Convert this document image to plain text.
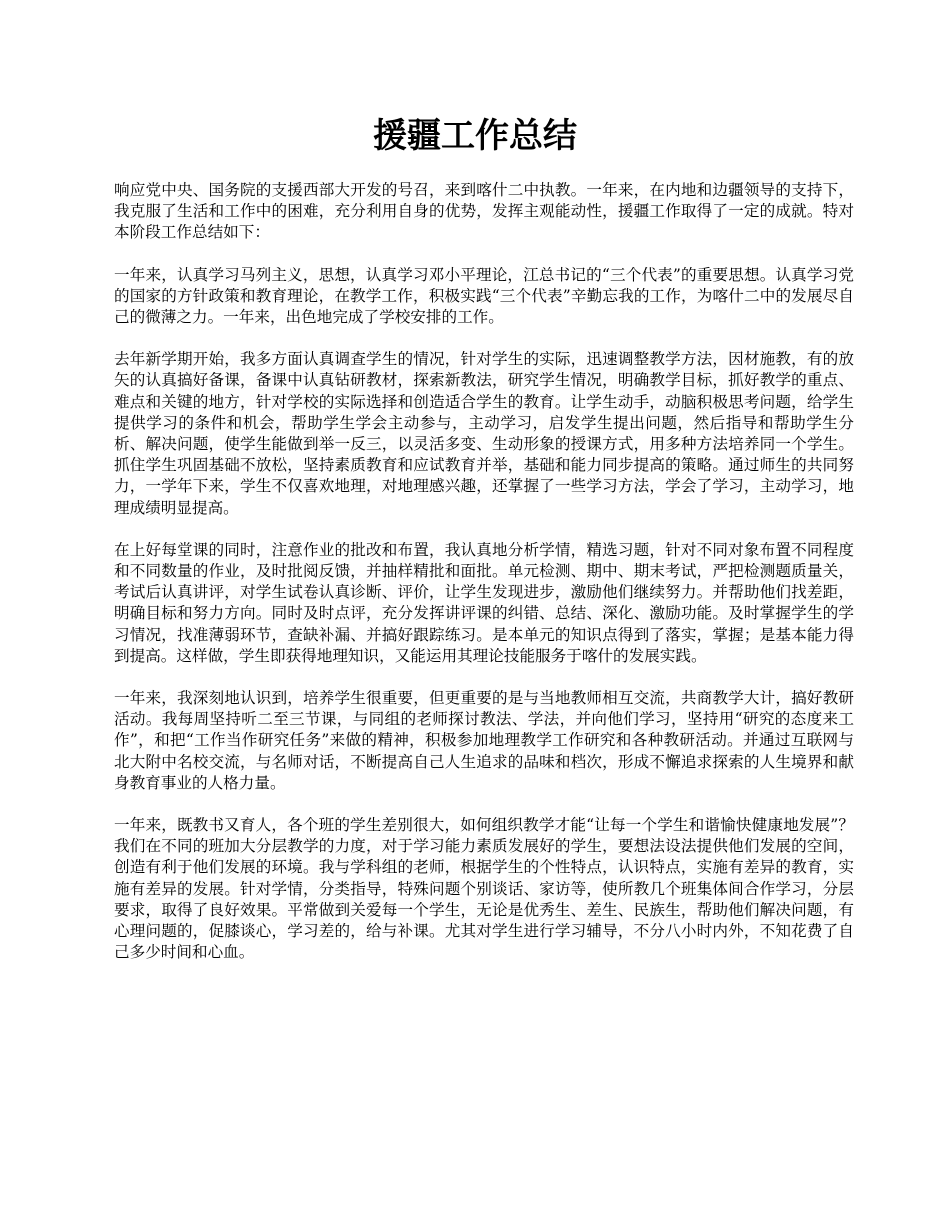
援疆工作总结

响应党中央、国务院的支援西部大开发的号召，来到喀什二中执教。一年来，在内地和边疆领导的支持下，我克服了生活和工作中的困难，充分利用自身的优势，发挥主观能动性，援疆工作取得了一定的成就。特对本阶段工作总结如下：

一年来，认真学习马列主义，思想，认真学习邓小平理论，江总书记的“三个代表”的重要思想。认真学习党的国家的方针政策和教育理论，在教学工作，积极实践“三个代表”辛勤忘我的工作，为喀什二中的发展尽自己的微薄之力。一年来，出色地完成了学校安排的工作。

去年新学期开始，我多方面认真调查学生的情况，针对学生的实际，迅速调整教学方法，因材施教，有的放矢的认真搞好备课，备课中认真钻研教材，探索新教法，研究学生情况，明确教学目标，抓好教学的重点、难点和关键的地方，针对学校的实际选择和创造适合学生的教育。让学生动手，动脑积极思考问题，给学生提供学习的条件和机会，帮助学生学会主动参与，主动学习，启发学生提出问题，然后指导和帮助学生分析、解决问题，使学生能做到举一反三，以灵活多变、生动形象的授课方式，用多种方法培养同一个学生。抓住学生巩固基础不放松，坚持素质教育和应试教育并举，基础和能力同步提高的策略。通过师生的共同努力，一学年下来，学生不仅喜欢地理，对地理感兴趣，还掌握了一些学习方法，学会了学习，主动学习，地理成绩明显提高。

在上好每堂课的同时，注意作业的批改和布置，我认真地分析学情，精选习题，针对不同对象布置不同程度和不同数量的作业，及时批阅反馈，并抽样精批和面批。单元检测、期中、期末考试，严把检测题质量关，考试后认真讲评，对学生试卷认真诊断、评价，让学生发现进步，激励他们继续努力。并帮助他们找差距，明确目标和努力方向。同时及时点评，充分发挥讲评课的纠错、总结、深化、激励功能。及时掌握学生的学习情况，找准薄弱环节，查缺补漏、并搞好跟踪练习。是本单元的知识点得到了落实，掌握；是基本能力得到提高。这样做，学生即获得地理知识，又能运用其理论技能服务于喀什的发展实践。

一年来，我深刻地认识到，培养学生很重要，但更重要的是与当地教师相互交流，共商教学大计，搞好教研活动。我每周坚持听二至三节课，与同组的老师探讨教法、学法，并向他们学习，坚持用“研究的态度来工作”，和把“工作当作研究任务”来做的精神，积极参加地理教学工作研究和各种教研活动。并通过互联网与北大附中名校交流，与名师对话，不断提高自己人生追求的品味和档次，形成不懈追求探索的人生境界和献身教育事业的人格力量。

一年来，既教书又育人，各个班的学生差别很大，如何组织教学才能“让每一个学生和谐愉快健康地发展”？我们在不同的班加大分层教学的力度，对于学习能力素质发展好的学生，要想法设法提供他们发展的空间，创造有利于他们发展的环境。我与学科组的老师，根据学生的个性特点，认识特点，实施有差异的教育，实施有差异的发展。针对学情，分类指导，特殊问题个别谈话、家访等，使所教几个班集体间合作学习，分层要求，取得了良好效果。平常做到关爱每一个学生，无论是优秀生、差生、民族生，帮助他们解决问题，有心理问题的，促膝谈心，学习差的，给与补课。尤其对学生进行学习辅导，不分八小时内外，不知花费了自己多少时间和心血。
